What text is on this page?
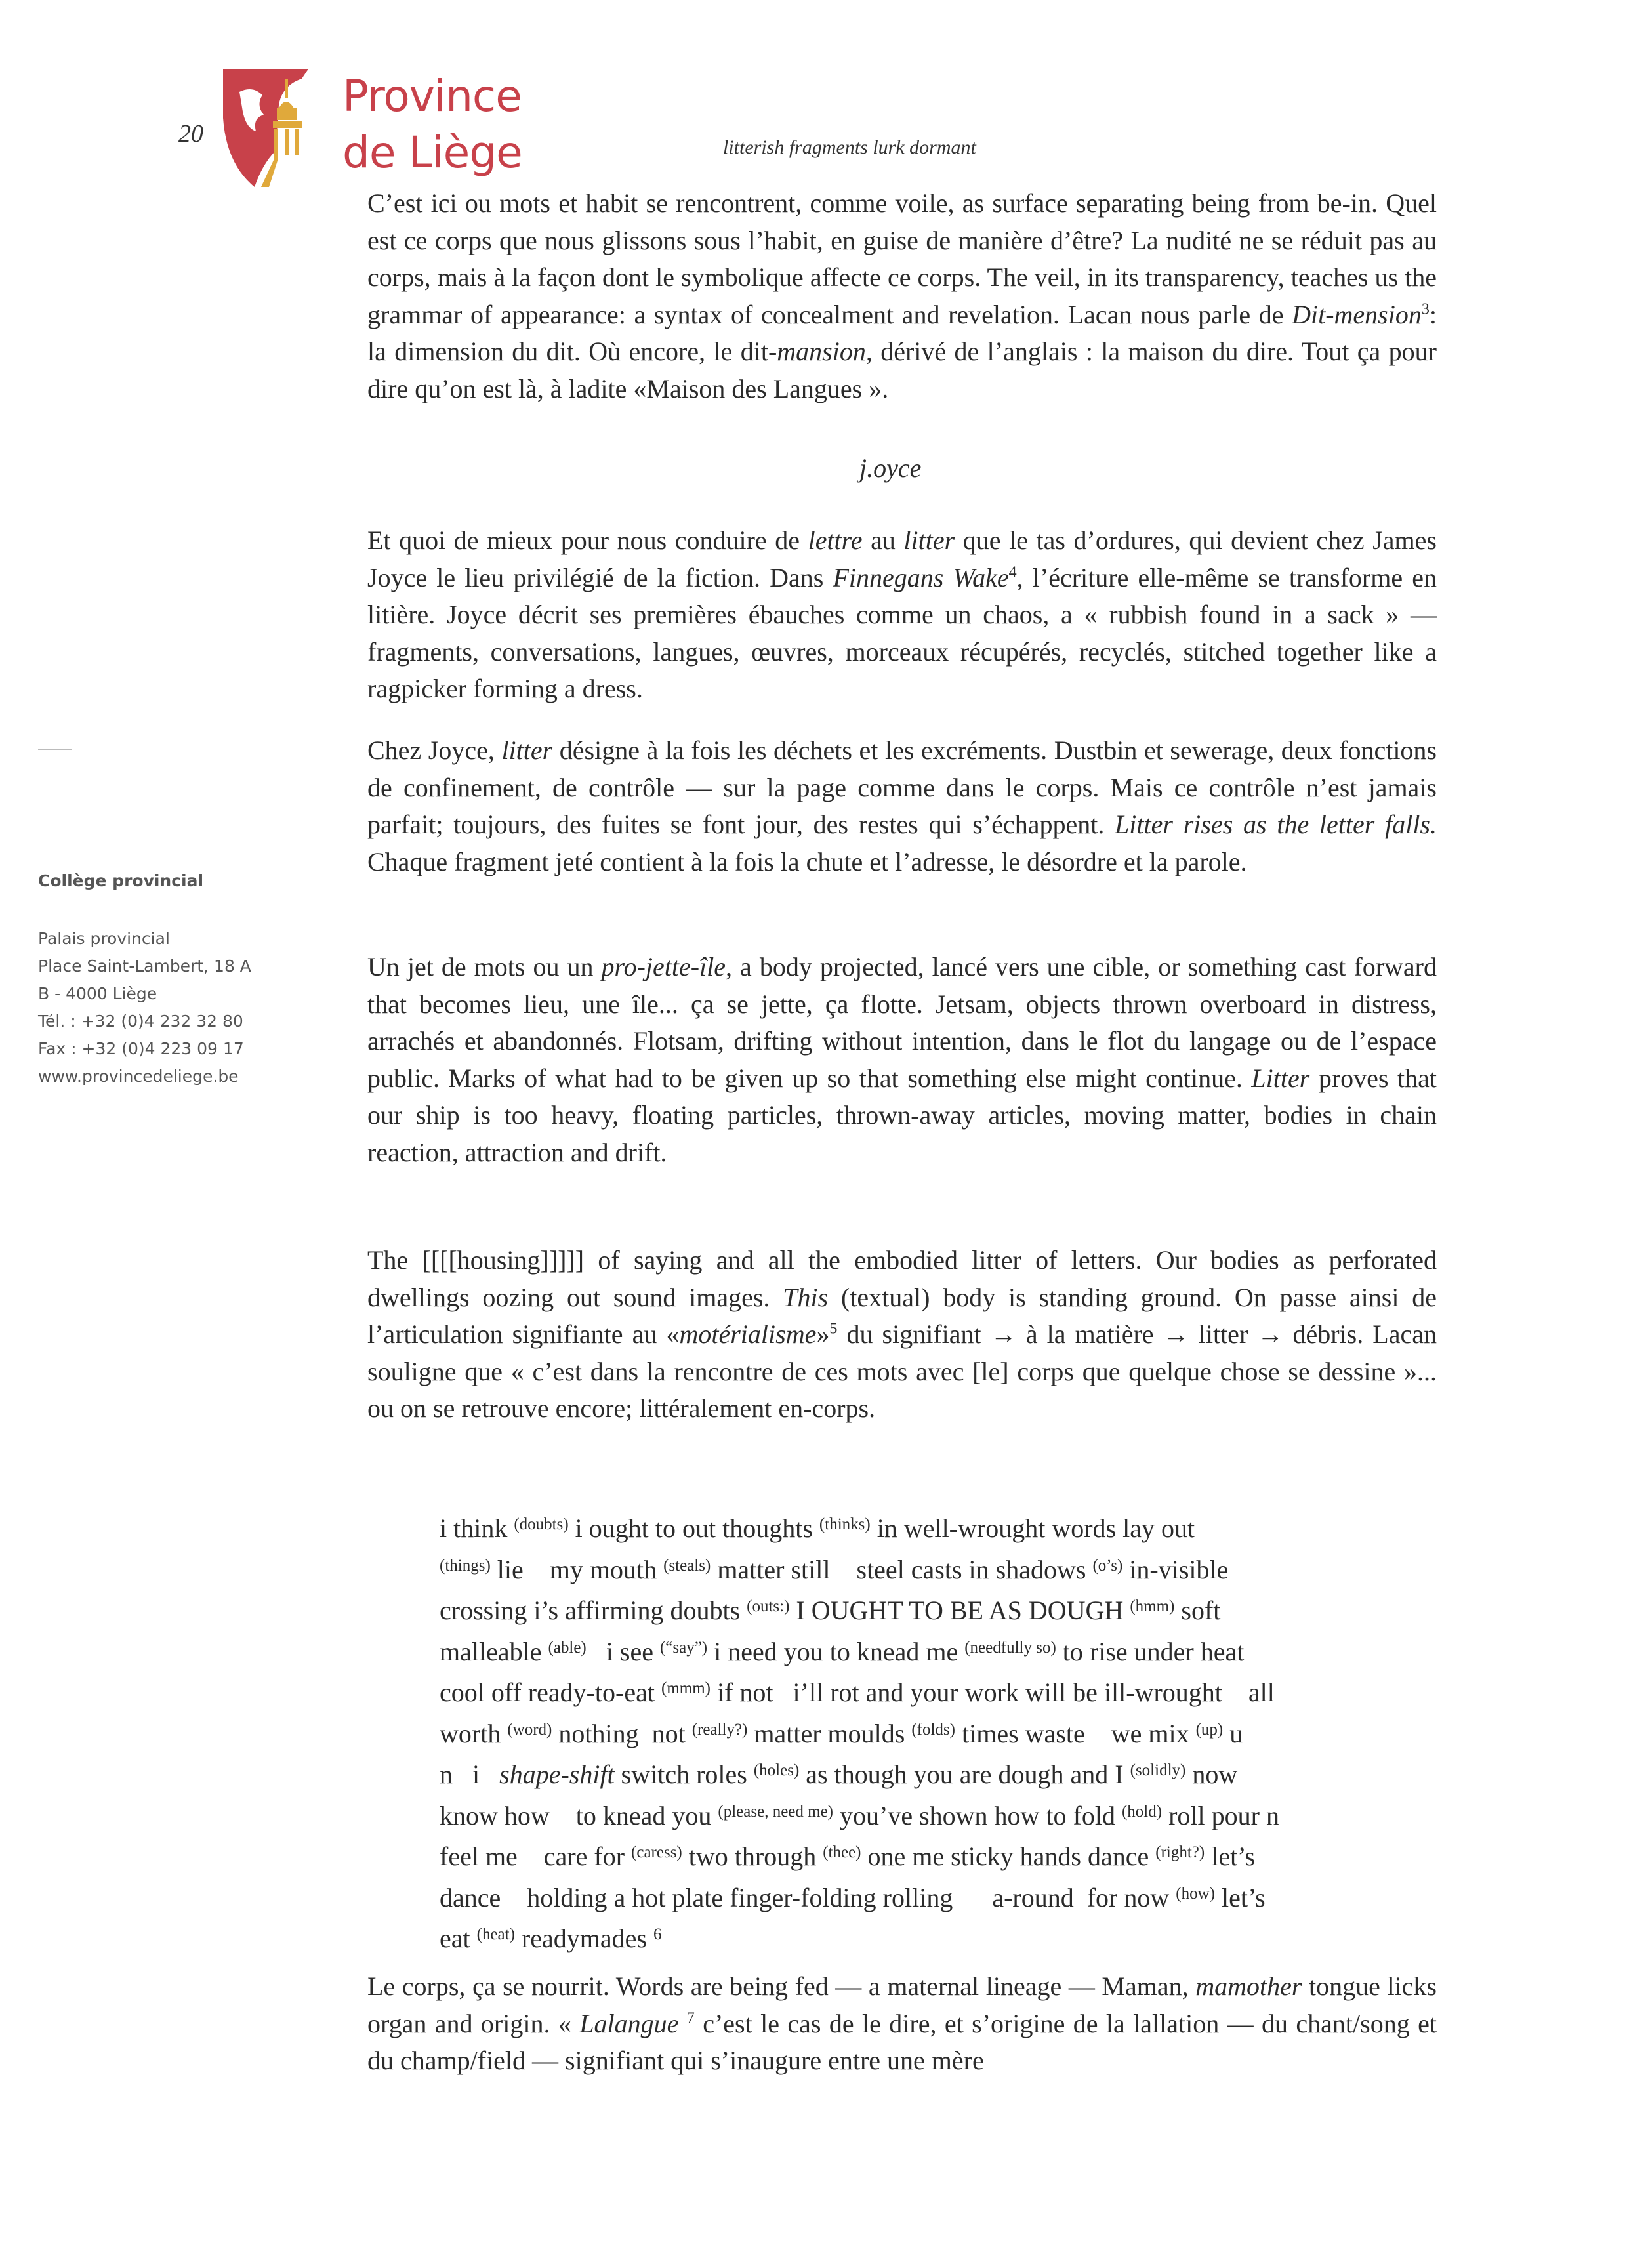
20
Province
de Liège	litterish fragments lurk dormant
Collège provincial
Palais provincial
Place Saint-Lambert, 18 A
B - 4000 Liège
Tél. : +32 (0)4 232 32 80
Fax : +32 (0)4 223 09 17
www.provincedeliege.be
C’est ici ou mots et habit se rencontrent, comme voile, as surface separating being from be-in. Quel est ce corps que nous glissons sous l’habit, en guise de manière d’être? La nudité ne se réduit pas au corps, mais à la façon dont le symbolique affecte ce corps. The veil, in its transparency, teaches us the grammar of appearance: a syntax of concealment and revelation. Lacan nous parle de Dit-mension$^3$: la dimension du dit. Où encore, le dit-mansion, dérivé de l’anglais : la maison du dire. Tout ça pour dire qu’on est là, à ladite «Maison des Langues ».
j.oyce
Et quoi de mieux pour nous conduire de lettre au litter que le tas d’ordures, qui devient chez James Joyce le lieu privilégié de la fiction. Dans Finnegans Wake$^4$, l’écriture elle-même se transforme en litière. Joyce décrit ses premières ébauches comme un chaos, a « rubbish found in a sack » — fragments, conversations, langues, œuvres, morceaux récupérés, recyclés, stitched together like a ragpicker forming a dress.
Chez Joyce, litter désigne à la fois les déchets et les excréments. Dustbin et sewerage, deux fonctions de confinement, de contrôle — sur la page comme dans le corps. Mais ce contrôle n’est jamais parfait; toujours, des fuites se font jour, des restes qui s’échappent. Litter rises as the letter falls. Chaque fragment jeté contient à la fois la chute et l’adresse, le désordre et la parole.
Un jet de mots ou un pro-jette-île, a body projected, lancé vers une cible, or something cast forward that becomes lieu, une île... ça se jette, ça flotte. Jetsam, objects thrown overboard in distress, arrachés et abandonnés. Flotsam, drifting without intention, dans le flot du langage ou de l’espace public. Marks of what had to be given up so that something else might continue. Litter proves that our ship is too heavy, floating particles, thrown-away articles, moving matter, bodies in chain reaction, attraction and drift.
The [[[[housing]]]]] of saying and all the embodied litter of letters. Our bodies as perforated dwellings oozing out sound images. This (textual) body is standing ground. On passe ainsi de l’articulation signifiante au «motérialisme»$^5$ du signifiant → à la matière → litter → débris. Lacan souligne que « c’est dans la rencontre de ces mots avec [le] corps que quelque chose se dessine »... ou on se retrouve encore; littéralement en-corps.
i think $^{(doubts)}$ i ought to out thoughts $^{(thinks)}$ in well-wrought words lay out
$^{(things)}$ lie    my mouth $^{(steals)}$ matter still    steel casts in shadows $^{(o’s)}$ in-visible
crossing i’s affirming doubts $^{(outs:)}$ I OUGHT TO BE AS DOUGH $^{(hmm)}$ soft
malleable $^{(able)}$   i see $^{(“say”)}$ i need you to knead me $^{(needfully so)}$ to rise under heat
cool off ready-to-eat $^{(mmm)}$ if not   i’ll rot and your work will be ill-wrought    all
worth $^{(word)}$ nothing  not $^{(really?)}$ matter moulds $^{(folds)}$ times waste    we mix $^{(up)}$ u
n   i   shape-shift switch roles $^{(holes)}$ as though you are dough and I $^{(solidly)}$ now
know how    to knead you $^{(please, need me)}$ you’ve shown how to fold $^{(hold)}$ roll pour n
feel me    care for $^{(caress)}$ two through $^{(thee)}$ one me sticky hands dance $^{(right?)}$ let’s
dance    holding a hot plate finger-folding rolling      a-round  for now $^{(how)}$ let’s
eat $^{(heat)}$ readymades $^6$
Le corps, ça se nourrit. Words are being fed — a maternal lineage — Maman, mamother tongue licks organ and origin. « Lalangue $^7$ c’est le cas de le dire, et s’origine de la lallation — du chant/song et du champ/field — signifiant qui s’inaugure entre une mère
